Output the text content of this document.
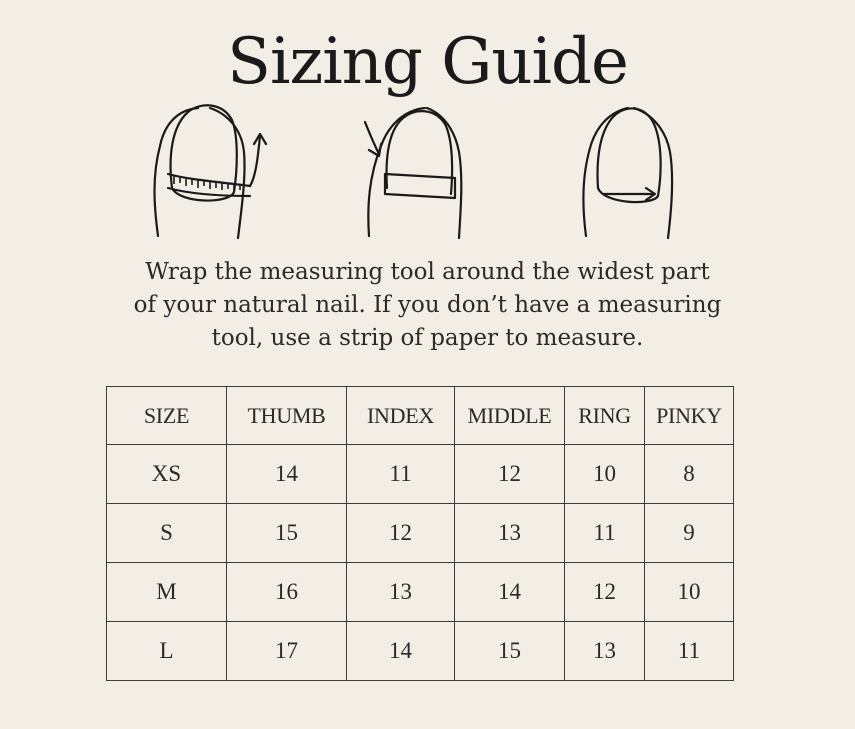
Sizing Guide
Wrap the measuring tool around the widest part
of your natural nail. If you don’t have a measuring
tool, use a strip of paper to measure.
SIZE	THUMB	INDEX	MIDDLE	RING	PINKY
XS	14	11	12	10	8
S	15	12	13	11	9
M	16	13	14	12	10
L	17	14	15	13	11
